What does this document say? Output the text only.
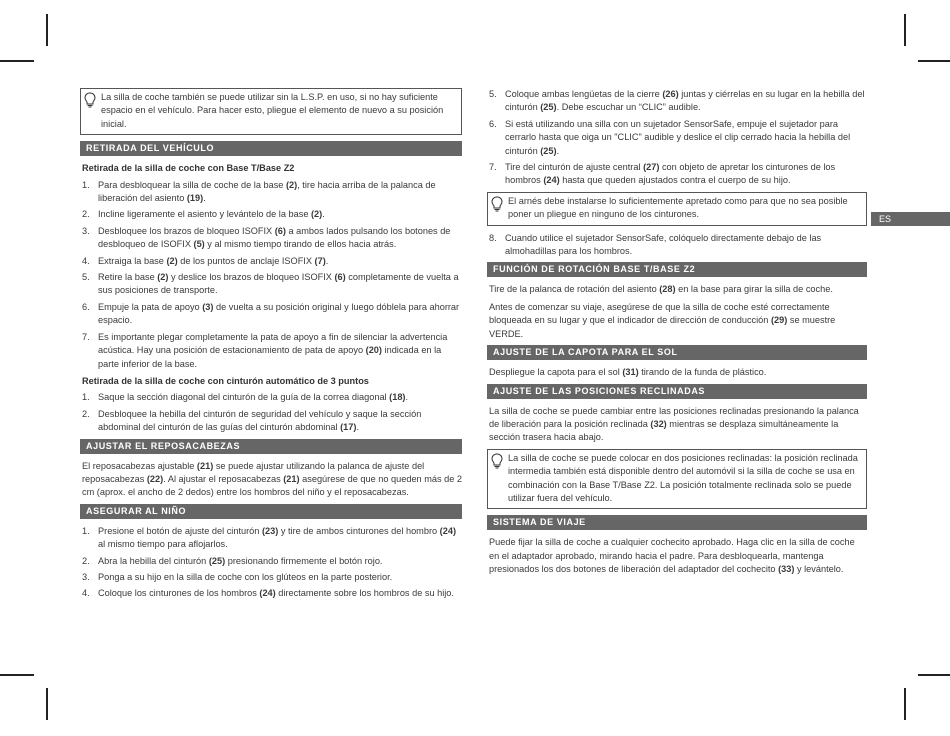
ES
La silla de coche también se puede utilizar sin la L.S.P. en uso, si no hay suficiente espacio en el vehículo. Para hacer esto, pliegue el elemento de nuevo a su posición inicial.
RETIRADA DEL VEHÍCULO
Retirada de la silla de coche con Base T/Base Z2
1. Para desbloquear la silla de coche de la base (2), tire hacia arriba de la palanca de liberación del asiento (19).
2. Incline ligeramente el asiento y levántelo de la base (2).
3. Desbloquee los brazos de bloqueo ISOFIX (6) a ambos lados pulsando los botones de desbloqueo de ISOFIX (5) y al mismo tiempo tirando de ellos hacia atrás.
4. Extraiga la base (2) de los puntos de anclaje ISOFIX (7).
5. Retire la base (2) y deslice los brazos de bloqueo ISOFIX (6) completamente de vuelta a sus posiciones de transporte.
6. Empuje la pata de apoyo (3) de vuelta a su posición original y luego dóblela para ahorrar espacio.
7. Es importante plegar completamente la pata de apoyo a fin de silenciar la advertencia acústica. Hay una posición de estacionamiento de pata de apoyo (20) indicada en la parte inferior de la base.
Retirada de la silla de coche con cinturón automático de 3 puntos
1. Saque la sección diagonal del cinturón de la guía de la correa diagonal (18).
2. Desbloquee la hebilla del cinturón de seguridad del vehículo y saque la sección abdominal del cinturón de las guías del cinturón abdominal (17).
AJUSTAR EL REPOSACABEZAS

El reposacabezas ajustable (21) se puede ajustar utilizando la palanca de ajuste del reposacabezas (22). Al ajustar el reposacabezas (21) asegúrese de que no queden más de 2 cm (aprox. el ancho de 2 dedos) entre los hombros del niño y el reposacabezas.

ASEGURAR AL NIÑO
1. Presione el botón de ajuste del cinturón (23) y tire de ambos cinturones del hombro (24) al mismo tiempo para aflojarlos.
2. Abra la hebilla del cinturón (25) presionando firmemente el botón rojo.
3. Ponga a su hijo en la silla de coche con los glúteos en la parte posterior.
4. Coloque los cinturones de los hombros (24) directamente sobre los hombros de su hijo.
5. Coloque ambas lengüetas de la cierre (26) juntas y ciérrelas en su lugar en la hebilla del cinturón (25). Debe escuchar un “CLIC” audible.
6. Si está utilizando una silla con un sujetador SensorSafe, empuje el sujetador para cerrarlo hasta que oiga un "CLIC" audible y deslice el clip cerrado hacia la hebilla del cinturón (25).
7. Tire del cinturón de ajuste central (27) con objeto de apretar los cinturones de los hombros (24) hasta que queden ajustados contra el cuerpo de su hijo.
El arnés debe instalarse lo suficientemente apretado como para que no sea posible poner un pliegue en ninguno de los cinturones.
8. Cuando utilice el sujetador SensorSafe, colóquelo directamente debajo de las almohadillas para los hombros.
FUNCIÓN DE ROTACIÓN BASE T/BASE Z2

Tire de la palanca de rotación del asiento (28) en la base para girar la silla de coche.

Antes de comenzar su viaje, asegúrese de que la silla de coche esté correctamente bloqueada en su lugar y que el indicador de dirección de conducción (29) se muestre VERDE.

AJUSTE DE LA CAPOTA PARA EL SOL

Despliegue la capota para el sol (31) tirando de la funda de plástico.

AJUSTE DE LAS POSICIONES RECLINADAS

La silla de coche se puede cambiar entre las posiciones reclinadas presionando la palanca de liberación para la posición reclinada (32) mientras se desplaza simultáneamente la sección trasera hacia abajo.

La silla de coche se puede colocar en dos posiciones reclinadas: la posición reclinada intermedia también está disponible dentro del automóvil si la silla de coche se usa en combinación con la Base T/Base Z2. La posición totalmente reclinada solo se puede utilizar fuera del vehículo.
SISTEMA DE VIAJE

Puede fijar la silla de coche a cualquier cochecito aprobado. Haga clic en la silla de coche en el adaptador aprobado, mirando hacia el padre. Para desbloquearla, mantenga presionados los dos botones de liberación del adaptador del cochecito (33) y levántelo.
